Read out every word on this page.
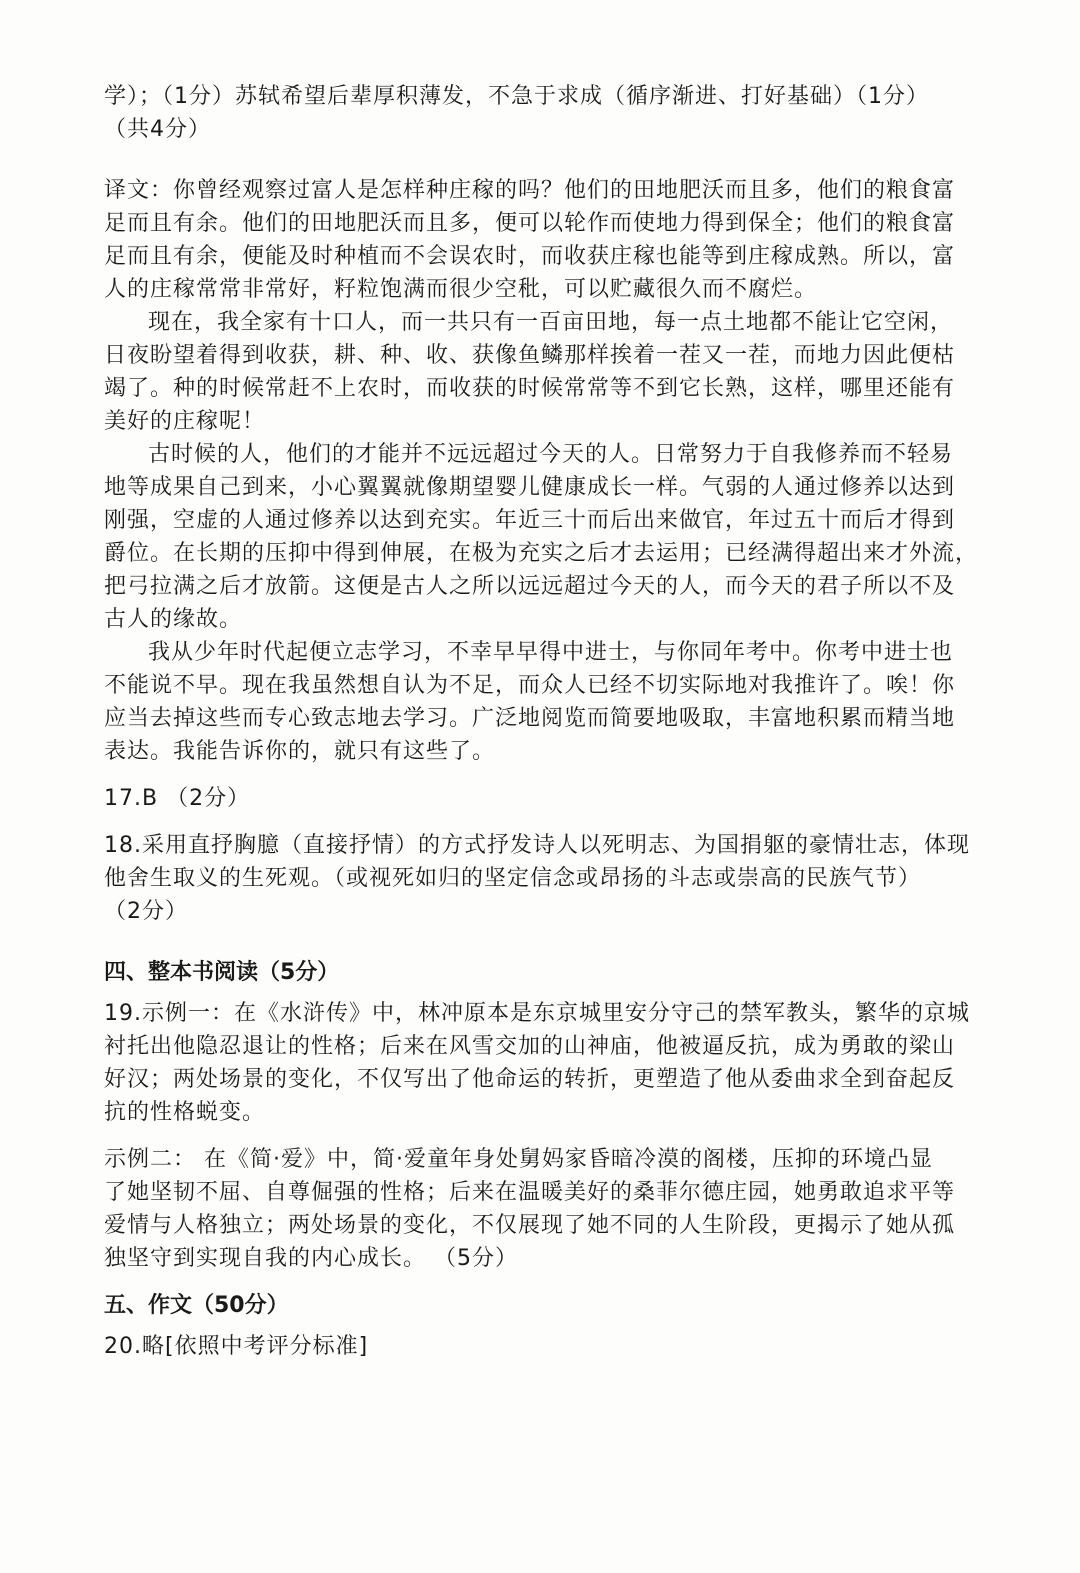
学）；（1分）苏轼希望后辈厚积薄发，不急于求成（循序渐进、打好基础）（1分）
（共4分）
译文：你曾经观察过富人是怎样种庄稼的吗？他们的田地肥沃而且多，他们的粮食富
足而且有余。他们的田地肥沃而且多，便可以轮作而使地力得到保全；他们的粮食富
足而且有余，便能及时种植而不会误农时，而收获庄稼也能等到庄稼成熟。所以，富
人的庄稼常常非常好，籽粒饱满而很少空秕，可以贮藏很久而不腐烂。
现在，我全家有十口人，而一共只有一百亩田地，每一点土地都不能让它空闲，
日夜盼望着得到收获，耕、种、收、获像鱼鳞那样挨着一茬又一茬，而地力因此便枯
竭了。种的时候常赶不上农时，而收获的时候常常等不到它长熟，这样，哪里还能有
美好的庄稼呢！
古时候的人，他们的才能并不远远超过今天的人。日常努力于自我修养而不轻易
地等成果自己到来，小心翼翼就像期望婴儿健康成长一样。气弱的人通过修养以达到
刚强，空虚的人通过修养以达到充实。年近三十而后出来做官，年过五十而后才得到
爵位。在长期的压抑中得到伸展，在极为充实之后才去运用；已经满得超出来才外流，
把弓拉满之后才放箭。这便是古人之所以远远超过今天的人，而今天的君子所以不及
古人的缘故。
我从少年时代起便立志学习，不幸早早得中进士，与你同年考中。你考中进士也
不能说不早。现在我虽然想自认为不足，而众人已经不切实际地对我推许了。唉！你
应当去掉这些而专心致志地去学习。广泛地阅览而简要地吸取，丰富地积累而精当地
表达。我能告诉你的，就只有这些了。
17.B （2分）
18.采用直抒胸臆（直接抒情）的方式抒发诗人以死明志、为国捐躯的豪情壮志，体现
他舍生取义的生死观。（或视死如归的坚定信念或昂扬的斗志或崇高的民族气节）
（2分）
四、整本书阅读（5分）
19.示例一：在《水浒传》中，林冲原本是东京城里安分守己的禁军教头，繁华的京城
衬托出他隐忍退让的性格；后来在风雪交加的山神庙，他被逼反抗，成为勇敢的梁山
好汉；两处场景的变化，不仅写出了他命运的转折，更塑造了他从委曲求全到奋起反
抗的性格蜕变。
示例二： 在《简·爱》中，简·爱童年身处舅妈家昏暗冷漠的阁楼，压抑的环境凸显
了她坚韧不屈、自尊倔强的性格；后来在温暖美好的桑菲尔德庄园，她勇敢追求平等
爱情与人格独立；两处场景的变化，不仅展现了她不同的人生阶段，更揭示了她从孤
独坚守到实现自我的内心成长。 （5分）
五、作文（50分）
20.略[依照中考评分标准]
